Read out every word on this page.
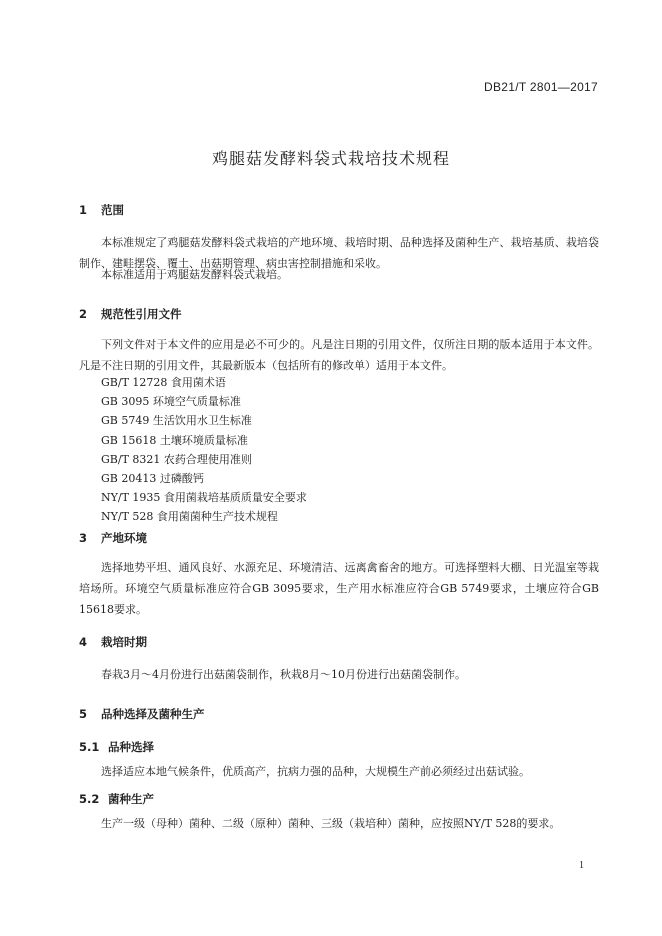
DB21/T 2801—2017
鸡腿菇发酵料袋式栽培技术规程
1 范围
本标准规定了鸡腿菇发酵料袋式栽培的产地环境、栽培时期、品种选择及菌种生产、栽培基质、栽培袋制作、建畦摆袋、覆土、出菇期管理、病虫害控制措施和采收。
本标准适用于鸡腿菇发酵料袋式栽培。
2 规范性引用文件
下列文件对于本文件的应用是必不可少的。凡是注日期的引用文件，仅所注日期的版本适用于本文件。凡是不注日期的引用文件，其最新版本（包括所有的修改单）适用于本文件。
GB/T 12728 食用菌术语
GB 3095 环境空气质量标准
GB 5749 生活饮用水卫生标准
GB 15618 土壤环境质量标准
GB/T 8321 农药合理使用准则
GB 20413 过磷酸钙
NY/T 1935 食用菌栽培基质质量安全要求
NY/T 528 食用菌菌种生产技术规程
3 产地环境
选择地势平坦、通风良好、水源充足、环境清洁、远离禽畜舍的地方。可选择塑料大棚、日光温室等栽培场所。环境空气质量标准应符合GB 3095要求，生产用水标准应符合GB 5749要求，土壤应符合GB 15618要求。
4 栽培时期
春栽3月～4月份进行出菇菌袋制作，秋栽8月～10月份进行出菇菌袋制作。
5 品种选择及菌种生产
5.1 品种选择
选择适应本地气候条件，优质高产，抗病力强的品种，大规模生产前必须经过出菇试验。
5.2 菌种生产
生产一级（母种）菌种、二级（原种）菌种、三级（栽培种）菌种，应按照NY/T 528的要求。
1
